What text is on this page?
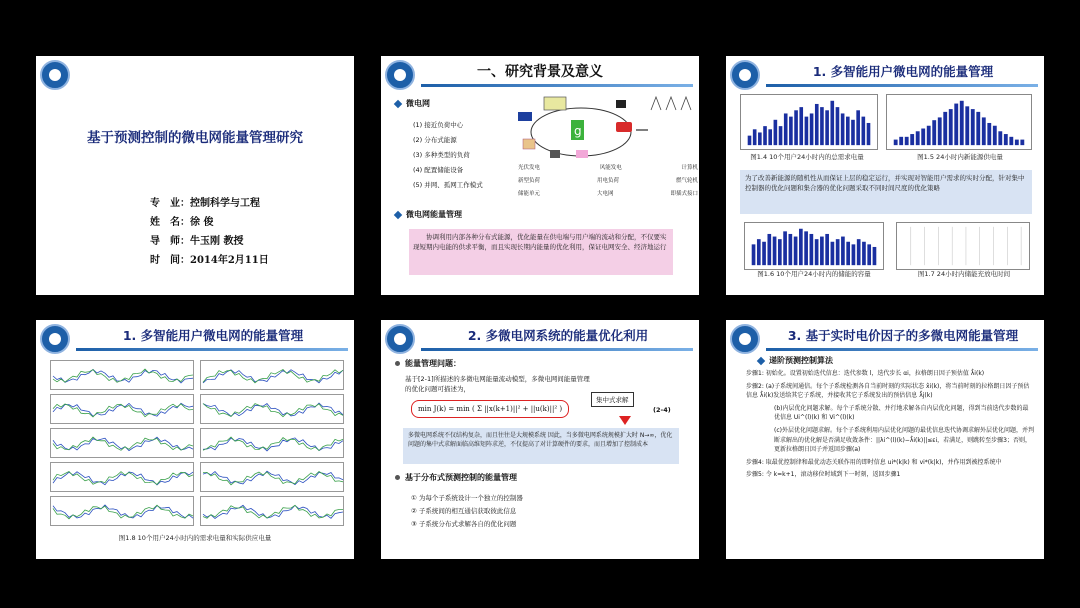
基于预测控制的微电网能量管理研究
专　业：控制科学与工程
姓　名：徐 俊
导　师：牛玉刚 教授
时　间：2014年2月11日
一、研究背景及意义
微电网
(1) 接近负荷中心
(2) 分布式能源
(3) 多种类型的负荷
(4) 配置储能设备
(5) 并网、孤网工作模式
g
光伏发电	风能发电	计算机
新型负荷	用电负荷	燃气轮机
储能单元	大电网	即插式接口
微电网能量管理
协调利用内部各种分布式能源，优化能量在供电端与用户端的流动和分配，不仅要实现短期内电能的供求平衡，而且实现长期内能量的优化利用，保证电网安全、经济地运行
1. 多智能用户微电网的能量管理
图1.4 10个用户24小时内的总需求电量	图1.5 24小时内新能源供电量
为了改善新能源的随机性从而保证上层的稳定运行，并实现对智能用户需求的实时分配，针对集中控制器的优化问题和集合器的优化问题采取不同时间尺度的优化策略
图1.6 10个用户24小时内的储能的容量	图1.7 24小时内储能充放电时间
1. 多智能用户微电网的能量管理
图1.8 10个用户24小时内的需求电量和实际供应电量
2. 多微电网系统的能量优化利用
能量管理问题：
基于[2-1]所描述的多微电网能量流动模型，多微电网间能量管理
的优化问题可描述为，
min J(k) = min ( Σ ||x(k+1)||² + ||u(k)||² )
集中式求解
(2-4)
多微电网系统不仅结构复杂，而且往往是大规模系统 因此，当多微电网系统规模扩大时 N→∞，优化问题的集中式求解面临高维矩阵求逆，不仅提高了对计算硬件的要求，而且增加了控制成本
基于分布式预测控制的能量管理
① 为每个子系统设计一个独立的控制器
② 子系统间的相互通信获取彼此信息
③ 子系统分布式求解各自的优化问题
3. 基于实时电价因子的多微电网能量管理
递阶预测控制算法
步骤1: 初始化。设置初始迭代信息：迭代参数 l，迭代步长 αi，拉格朗日因子预估值 λ̂i(k)
步骤2: (a)子系统间通信。每个子系统检测各自当前时刻的实际状态 x̂i(k)，将当前时刻的拉格朗日因子预估信息 λ̂i(k)发送给其它子系统，并接收其它子系统发出的预估信息 λ̂j(k)
(b)内层优化问题求解。每个子系统分散、并行地求解各自内层优化问题，得到当前迭代步数的最优信息 Ui^(l)(k) 和 Vi^(l)(k)
(c)外层优化问题求解。每个子系统利用内层优化问题的最优信息迭代协调求解外层优化问题，并判断求解出的优化解是否满足收敛条件：||λi^(l)(k)−λ̂i(k)||≤εi，若满足，则跳转至步骤3；否则，更新拉格朗日因子并返回步骤(a)
步骤4: 取最优控制律和最优动态关联作用的即时信息 ui*(k|k) 和 vi*(k|k)，并作用到被控系统中
步骤5: 令 k=k+1，滚动移位时域到下一时刻，返回步骤1
